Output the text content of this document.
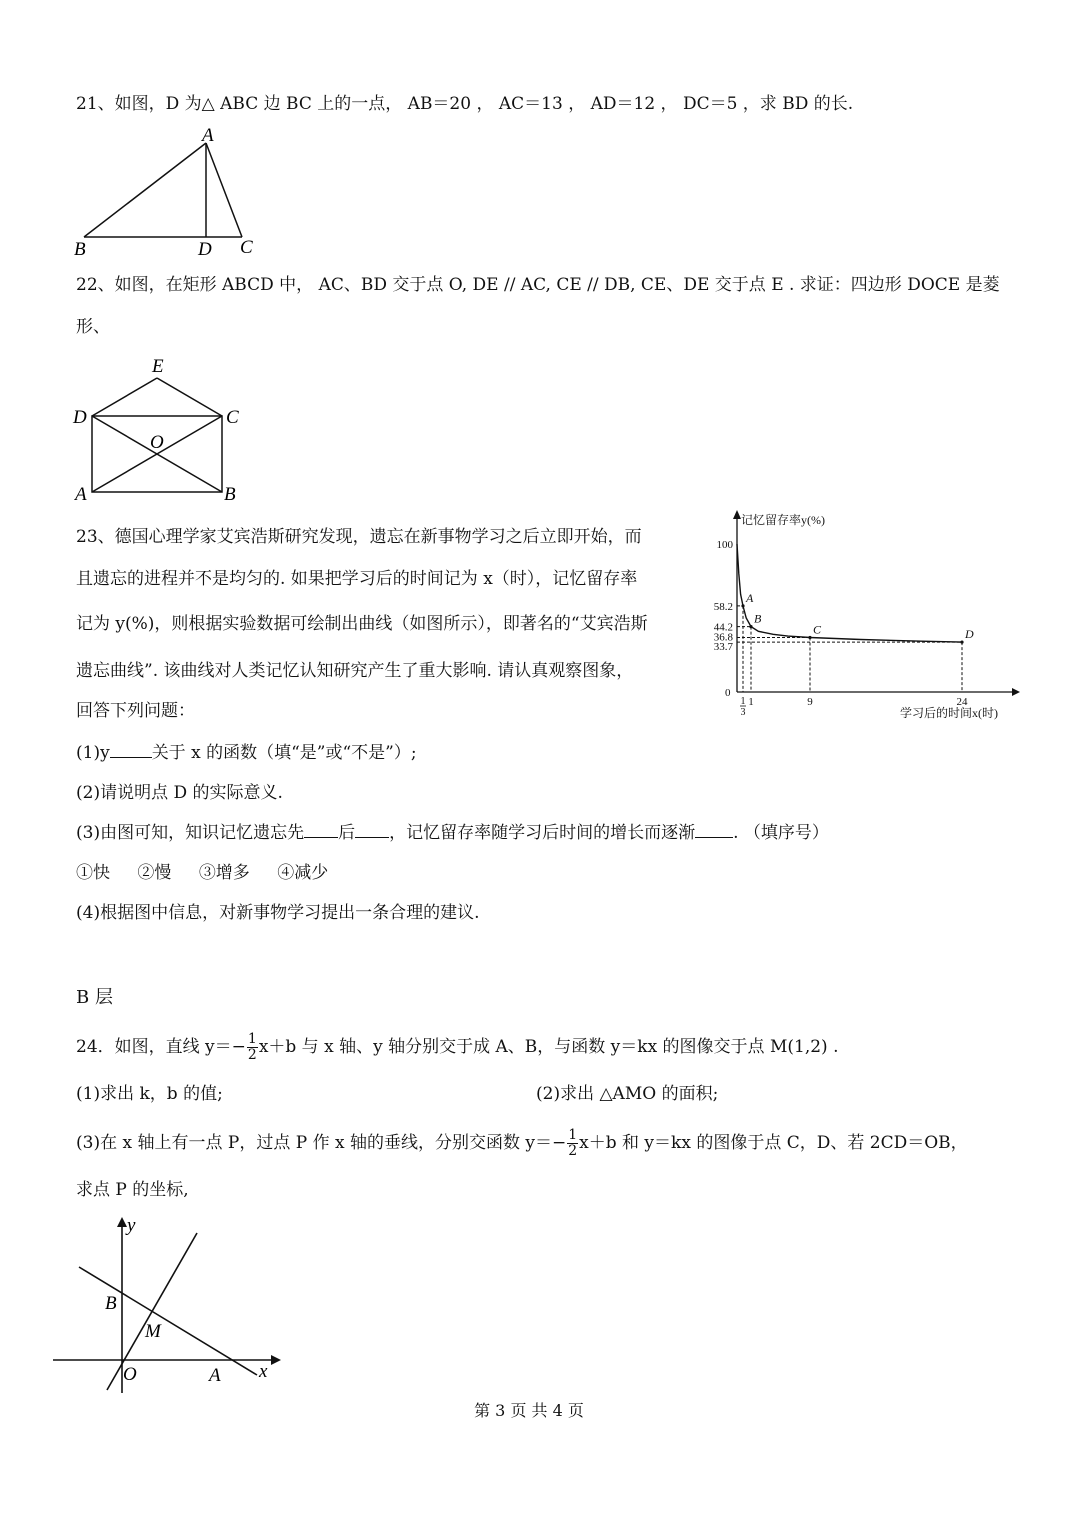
21、如图，D 为△ ABC 边 BC 上的一点， AB＝20 ， AC＝13 ， AD＝12 ， DC＝5 ，求 BD 的长.
A
B	D C
22、如图，在矩形 ABCD 中， AC、BD 交于点 O, DE // AC, CE // DB, CE、DE 交于点 E . 求证：四边形 DOCE 是菱
形、
E
D	C
O
A	B
23、德国心理学家艾宾浩斯研究发现，遗忘在新事物学习之后立即开始，而
且遗忘的进程并不是均匀的. 如果把学习后的时间记为 x（时），记忆留存率
记为 y(%)，则根据实验数据可绘制出曲线（如图所示），即著名的“艾宾浩斯
遗忘曲线”. 该曲线对人类记忆认知研究产生了重大影响. 请认真观察图象，
回答下列问题：
(1)y 关于 x 的函数（填“是”或“不是”）;
(2)请说明点 D 的实际意义.
(3)由图可知，知识记忆遗忘先 后 ，记忆留存率随学习后时间的增长而逐渐 . （填序号）
①快 ②慢 ③增多 ④减少
(4)根据图中信息，对新事物学习提出一条合理的建议.
记忆留存率y(%)
学习后的时间x(时)
0
100
58.2
44.2
36.8
33.7
A
B
C	D
1
3
1	9	24
B 层
24．如图，直线 $y=- \frac{1}{2} x+b$ 与 x 轴、y 轴分别交于成 A、B，与函数 y＝kx 的图像交于点 M(1,2) .
(1)求出 k，b 的值;	(2)求出 △AMO 的面积;
(3)在 x 轴上有一点 P，过点 P 作 x 轴的垂线，分别交函数 $y=- \frac{1}{2} x+b$ 和 y＝kx 的图像于点 C，D、若 2CD＝OB，
求点 P 的坐标,
y
B
M
O	A x
第 3 页 共 4 页
